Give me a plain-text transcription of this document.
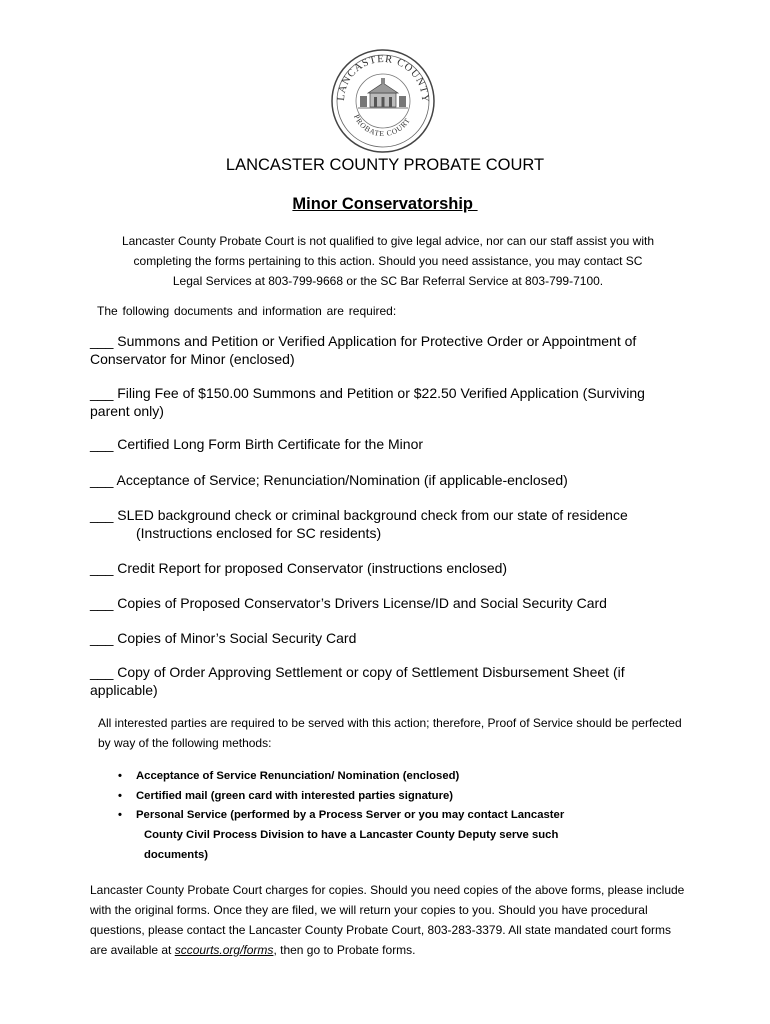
LANCASTER COUNTY
PROBATE COURT
LANCASTER COUNTY PROBATE COURT
Minor Conservatorship
Lancaster County Probate Court is not qualified to give legal advice, nor can our staff assist you with
completing the forms pertaining to this action. Should you need assistance, you may contact SC
Legal Services at 803-799-9668 or the SC Bar Referral Service at 803-799-7100.
The following documents and information are required:
___ Summons and Petition or Verified Application for Protective Order or Appointment of Conservator for Minor (enclosed)
___ Filing Fee of $150.00 Summons and Petition or $22.50 Verified Application (Surviving parent only)
___ Certified Long Form Birth Certificate for the Minor
___ Acceptance of Service; Renunciation/Nomination (if applicable-enclosed)
___ SLED background check or criminal background check from our state of residence
(Instructions enclosed for SC residents)
___ Credit Report for proposed Conservator (instructions enclosed)
___ Copies of Proposed Conservator’s Drivers License/ID and Social Security Card
___ Copies of Minor’s Social Security Card
___ Copy of Order Approving Settlement or copy of Settlement Disbursement Sheet (if applicable)
All interested parties are required to be served with this action; therefore, Proof of Service should be perfected by way of the following methods:
• Acceptance of Service Renunciation/ Nomination (enclosed)
• Certified mail (green card with interested parties signature)
• Personal Service (performed by a Process Server or you may contact Lancaster
County Civil Process Division to have a Lancaster County Deputy serve such
documents)
Lancaster County Probate Court charges for copies. Should you need copies of the above forms, please include with the original forms. Once they are filed, we will return your copies to you. Should you have procedural questions, please contact the Lancaster County Probate Court, 803-283-3379. All state mandated court forms are available at sccourts.org/forms, then go to Probate forms.
